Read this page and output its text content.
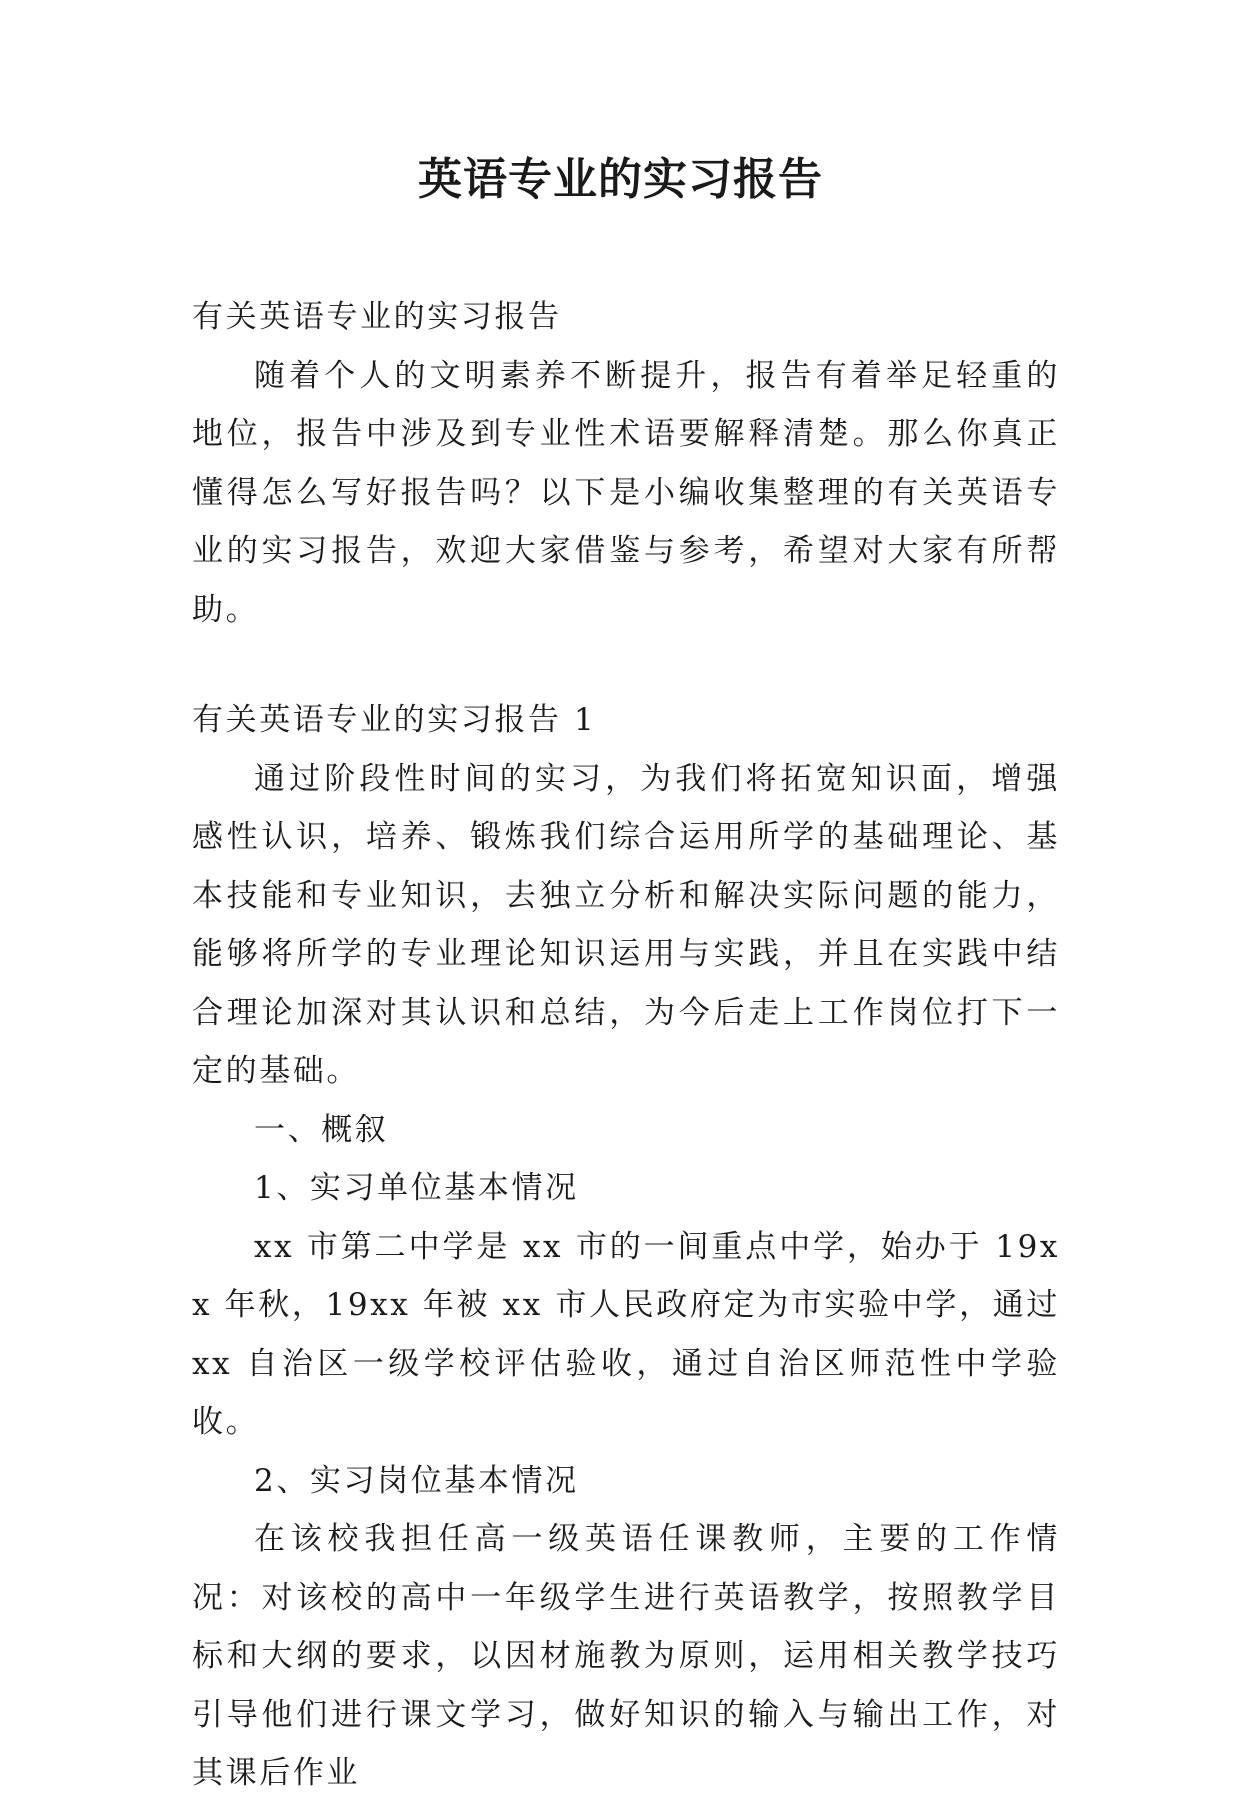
英语专业的实习报告

有关英语专业的实习报告

随着个人的文明素养不断提升，报告有着举足轻重的地位，报告中涉及到专业性术语要解释清楚。那么你真正懂得怎么写好报告吗？以下是小编收集整理的有关英语专业的实习报告，欢迎大家借鉴与参考，希望对大家有所帮助。

有关英语专业的实习报告 1

通过阶段性时间的实习，为我们将拓宽知识面，增强感性认识，培养、锻炼我们综合运用所学的基础理论、基本技能和专业知识，去独立分析和解决实际问题的能力，能够将所学的专业理论知识运用与实践，并且在实践中结合理论加深对其认识和总结，为今后走上工作岗位打下一定的基础。

一、概叙

1、实习单位基本情况

xx 市第二中学是 xx 市的一间重点中学，始办于 19xx 年秋，19xx 年被 xx 市人民政府定为市实验中学，通过 xx 自治区一级学校评估验收，通过自治区师范性中学验收。

2、实习岗位基本情况

在该校我担任高一级英语任课教师，主要的工作情况：对该校的高中一年级学生进行英语教学，按照教学目标和大纲的要求，以因材施教为原则，运用相关教学技巧引导他们进行课文学习，做好知识的输入与输出工作，对其课后作业
